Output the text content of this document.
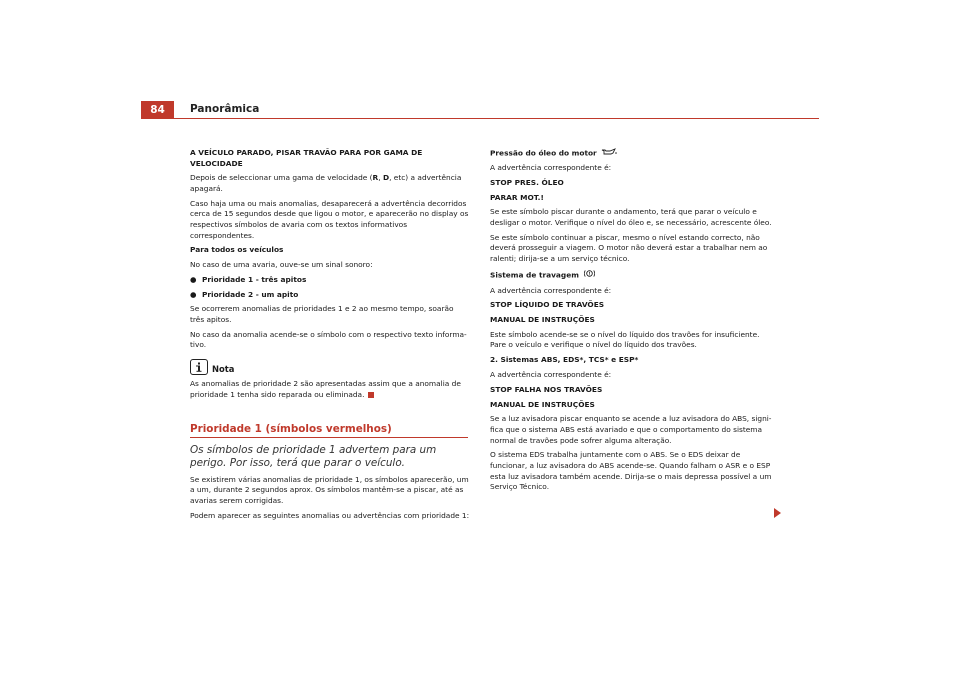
84	Panorâmica

A VEÍCULO PARADO, PISAR TRAVÃO PARA POR GAMA DE VELOCIDADE

Depois de seleccionar uma gama de velocidade (R, D, etc) a advertência apagará.

Caso haja uma ou mais anomalias, desaparecerá a advertência decorridos cerca de 15 segundos desde que ligou o motor, e aparecerão no display os respectivos símbolos de avaria com os textos informativos correspondentes.

Para todos os veículos

No caso de uma avaria, ouve-se um sinal sonoro:

● Prioridade 1 - três apitos
● Prioridade 2 - um apito

Se ocorrerem anomalias de prioridades 1 e 2 ao mesmo tempo, soarão três apitos.

No caso da anomalia acende-se o símbolo com o respectivo texto informa-tivo.

Nota

As anomalias de prioridade 2 são apresentadas assim que a anomalia de prioridade 1 tenha sido reparada ou eliminada.

Prioridade 1 (símbolos vermelhos)
Os símbolos de prioridade 1 advertem para um perigo. Por isso, terá que parar o veículo.

Se existirem várias anomalias de prioridade 1, os símbolos aparecerão, um a um, durante 2 segundos aprox. Os símbolos mantêm-se a piscar, até as avarias serem corrigidas.

Podem aparecer as seguintes anomalias ou advertências com prioridade 1:

Pressão do óleo do motor

A advertência correspondente é:

STOP PRES. ÓLEO

PARAR MOT.!

Se este símbolo piscar durante o andamento, terá que parar o veículo e desligar o motor. Verifique o nível do óleo e, se necessário, acrescente óleo.

Se este símbolo continuar a piscar, mesmo o nível estando correcto, não deverá prosseguir a viagem. O motor não deverá estar a trabalhar nem ao ralenti; dirija-se a um serviço técnico.

Sistema de travagem

A advertência correspondente é:

STOP LÍQUIDO DE TRAVÕES

MANUAL DE INSTRUÇÕES

Este símbolo acende-se se o nível do líquido dos travões for insuficiente. Pare o veículo e verifique o nível do líquido dos travões.

2. Sistemas ABS, EDS*, TCS* e ESP*

A advertência correspondente é:

STOP FALHA NOS TRAVÕES

MANUAL DE INSTRUÇÕES

Se a luz avisadora piscar enquanto se acende a luz avisadora do ABS, signi-fica que o sistema ABS está avariado e que o comportamento do sistema normal de travões pode sofrer alguma alteração.

O sistema EDS trabalha juntamente com o ABS. Se o EDS deixar de funcionar, a luz avisadora do ABS acende-se. Quando falham o ASR e o ESP esta luz avisadora também acende. Dirija-se o mais depressa possível a um Serviço Técnico.
